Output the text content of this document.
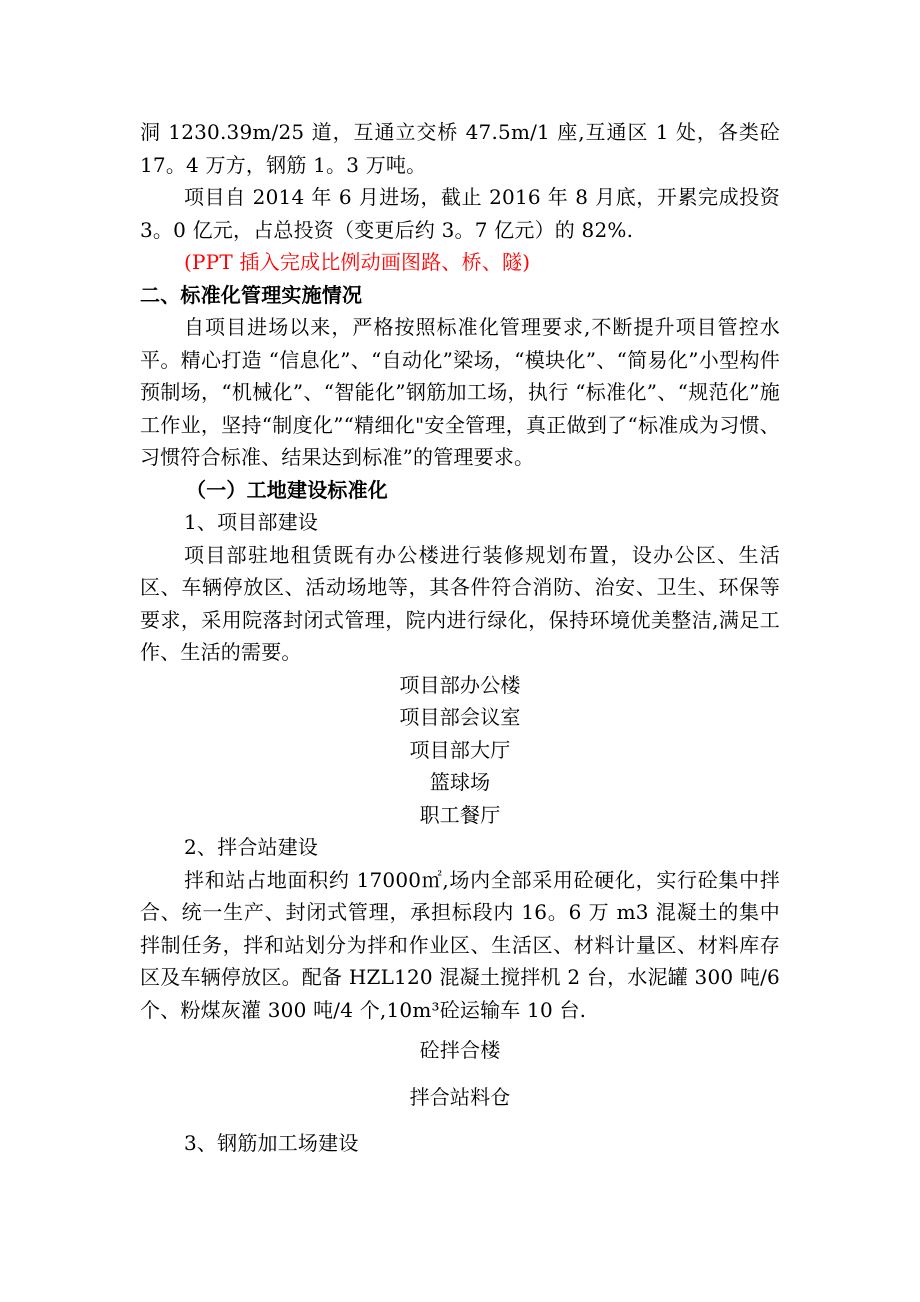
洞 1230.39m/25 道，互通立交桥 47.5m/1 座,互通区 1 处，各类砼 17。4 万方，钢筋 1。3 万吨。

项目自 2014 年 6 月进场，截止 2016 年 8 月底，开累完成投资 3。0 亿元，占总投资（变更后约 3。7 亿元）的 82%.

(PPT 插入完成比例动画图路、桥、隧)

二、标准化管理实施情况

自项目进场以来，严格按照标准化管理要求,不断提升项目管控水平。精心打造 “信息化”、“自动化”梁场，“模块化”、“简易化”小型构件预制场，“机械化”、“智能化”钢筋加工场，执行 “标准化”、“规范化”施工作业，坚持“制度化”“精细化"安全管理，真正做到了“标准成为习惯、习惯符合标准、结果达到标准”的管理要求。

（一）工地建设标准化

1、项目部建设

项目部驻地租赁既有办公楼进行装修规划布置，设办公区、生活区、车辆停放区、活动场地等，其各件符合消防、治安、卫生、环保等要求，采用院落封闭式管理，院内进行绿化，保持环境优美整洁,满足工作、生活的需要。

项目部办公楼

项目部会议室

项目部大厅

篮球场

职工餐厅

2、拌合站建设

拌和站占地面积约 17000㎡,场内全部采用砼硬化，实行砼集中拌合、统一生产、封闭式管理，承担标段内 16。6 万 m3 混凝土的集中拌制任务，拌和站划分为拌和作业区、生活区、材料计量区、材料库存区及车辆停放区。配备 HZL120 混凝土搅拌机 2 台，水泥罐 300 吨/6 个、粉煤灰灌 300 吨/4 个,10m³砼运输车 10 台.

砼拌合楼

拌合站料仓

3、钢筋加工场建设
